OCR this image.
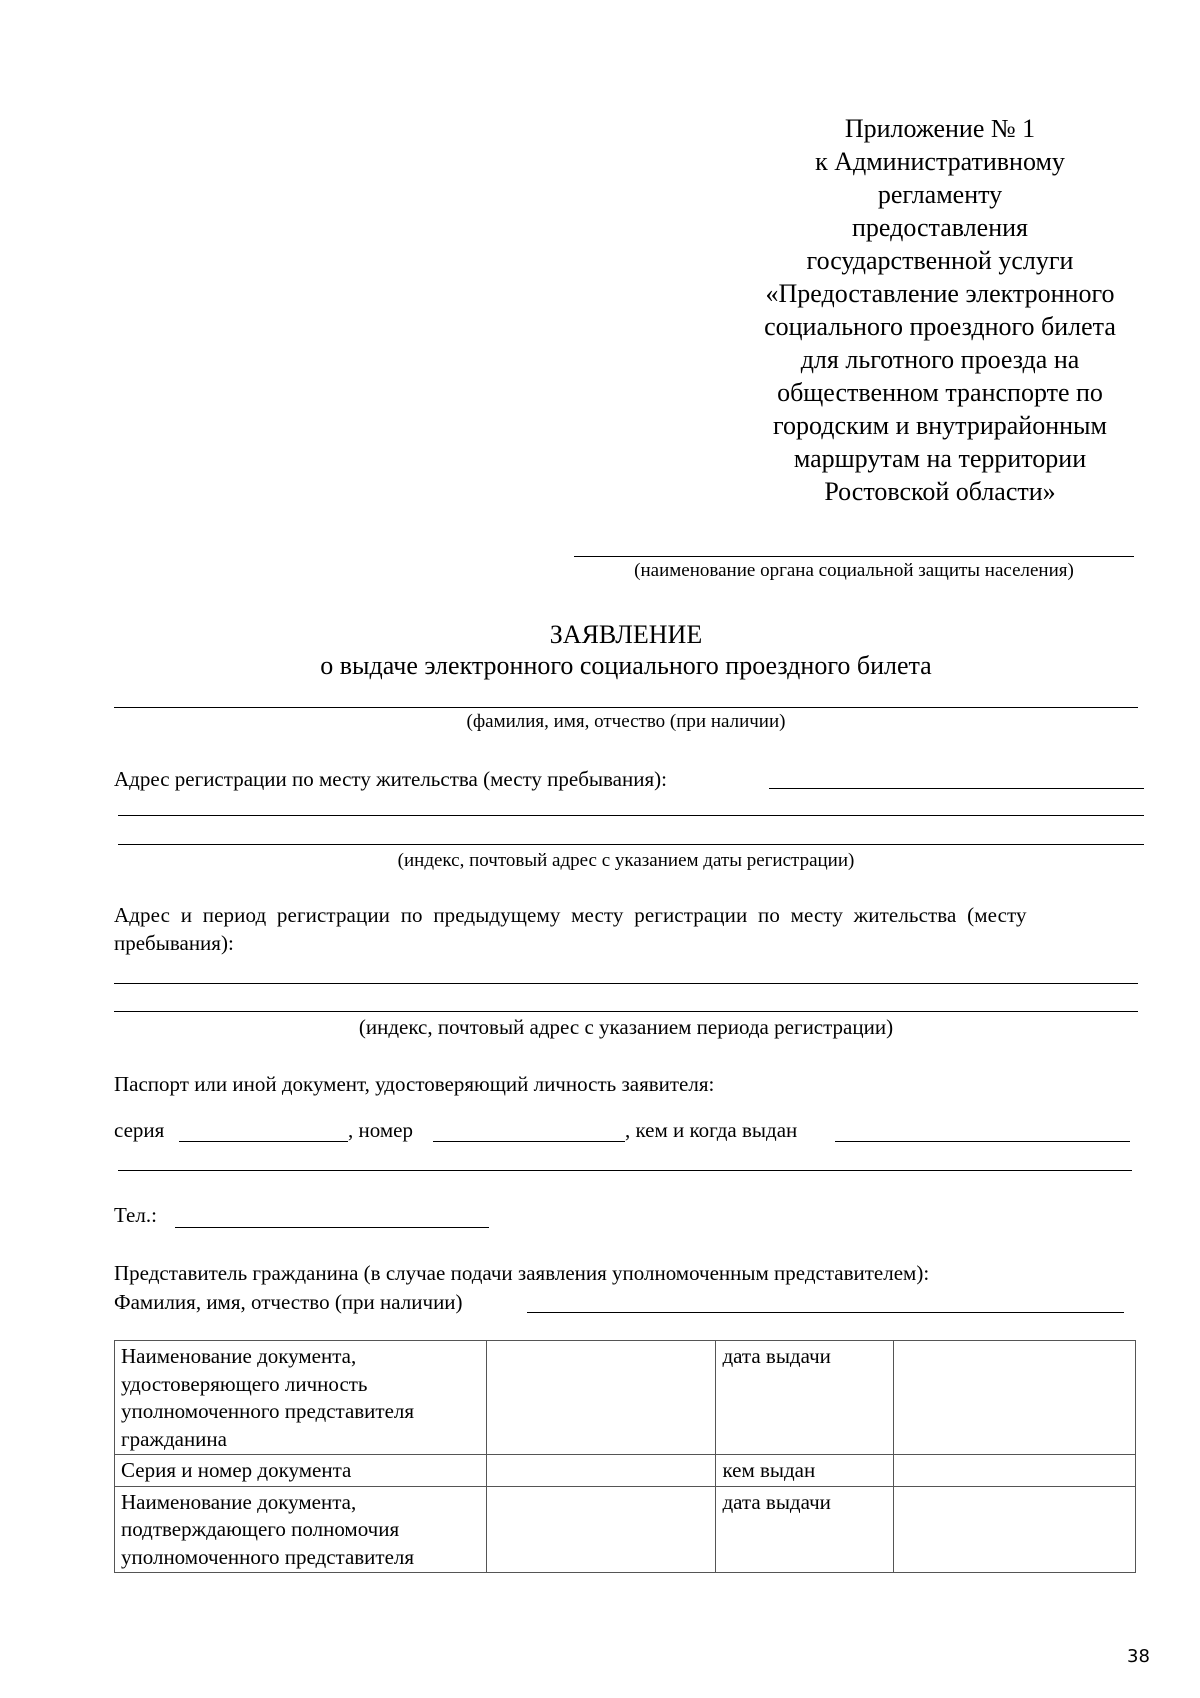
Приложение № 1
к Административному
регламенту
предоставления
государственной услуги
«Предоставление электронного
социального проездного билета
для льготного проезда на
общественном транспорте по
городским и внутрирайонным
маршрутам на территории
Ростовской области»
(наименование органа социальной защиты населения)
ЗАЯВЛЕНИЕ
о выдаче электронного социального проездного билета
(фамилия, имя, отчество (при наличии)
Адрес регистрации по месту жительства (месту пребывания):
(индекс, почтовый адрес с указанием даты регистрации)
Адрес  и  период  регистрации  по  предыдущему  месту  регистрации  по  месту  жительства  (месту
пребывания):
(индекс, почтовый адрес с указанием периода регистрации)
Паспорт или иной документ, удостоверяющий личность заявителя:
серия	, номер	, кем и когда выдан
Тел.:
Представитель гражданина (в случае подачи заявления уполномоченным представителем):
Фамилия, имя, отчество (при наличии)
Наименование документа, удостоверяющего личность уполномоченного представителя гражданина		дата выдачи	
Серия и номер документа		кем выдан	
Наименование документа, подтверждающего полномочия уполномоченного представителя		дата выдачи	
38
